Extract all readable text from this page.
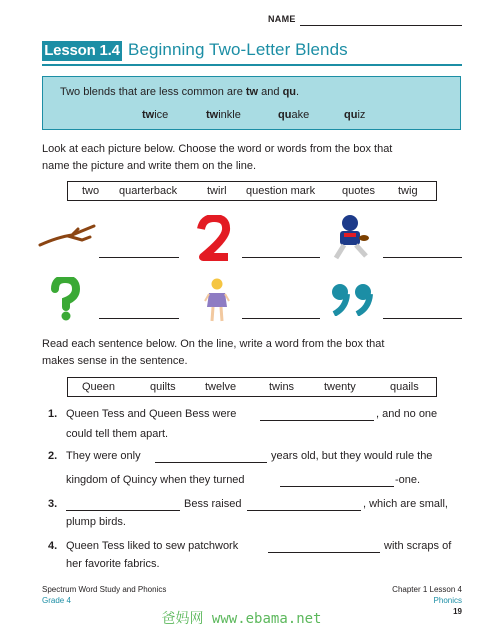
NAME
Lesson 1.4 Beginning Two-Letter Blends
Two blends that are less common are tw and qu.
twice	twinkle	quake	quiz
Look at each picture below. Choose the word or words from the box that
name the picture and write them on the line.
two quarterback	twirl question mark quotes twig
Read each sentence below. On the line, write a word from the box that
makes sense in the sentence.
Queen	quilts	twelve	twins	twenty	quails
1. Queen Tess and Queen Bess were	, and no one
could tell them apart.
2. They were only	years old, but they would rule the
kingdom of Quincy when they turned	-one.
3.	Bess raised	, which are small,
plump birds.
4. Queen Tess liked to sew patchwork	with scraps of
her favorite fabrics.
Spectrum Word Study and Phonics
Grade 4
Chapter 1 Lesson 4
Phonics
19
爸妈网 www.ebama.net
